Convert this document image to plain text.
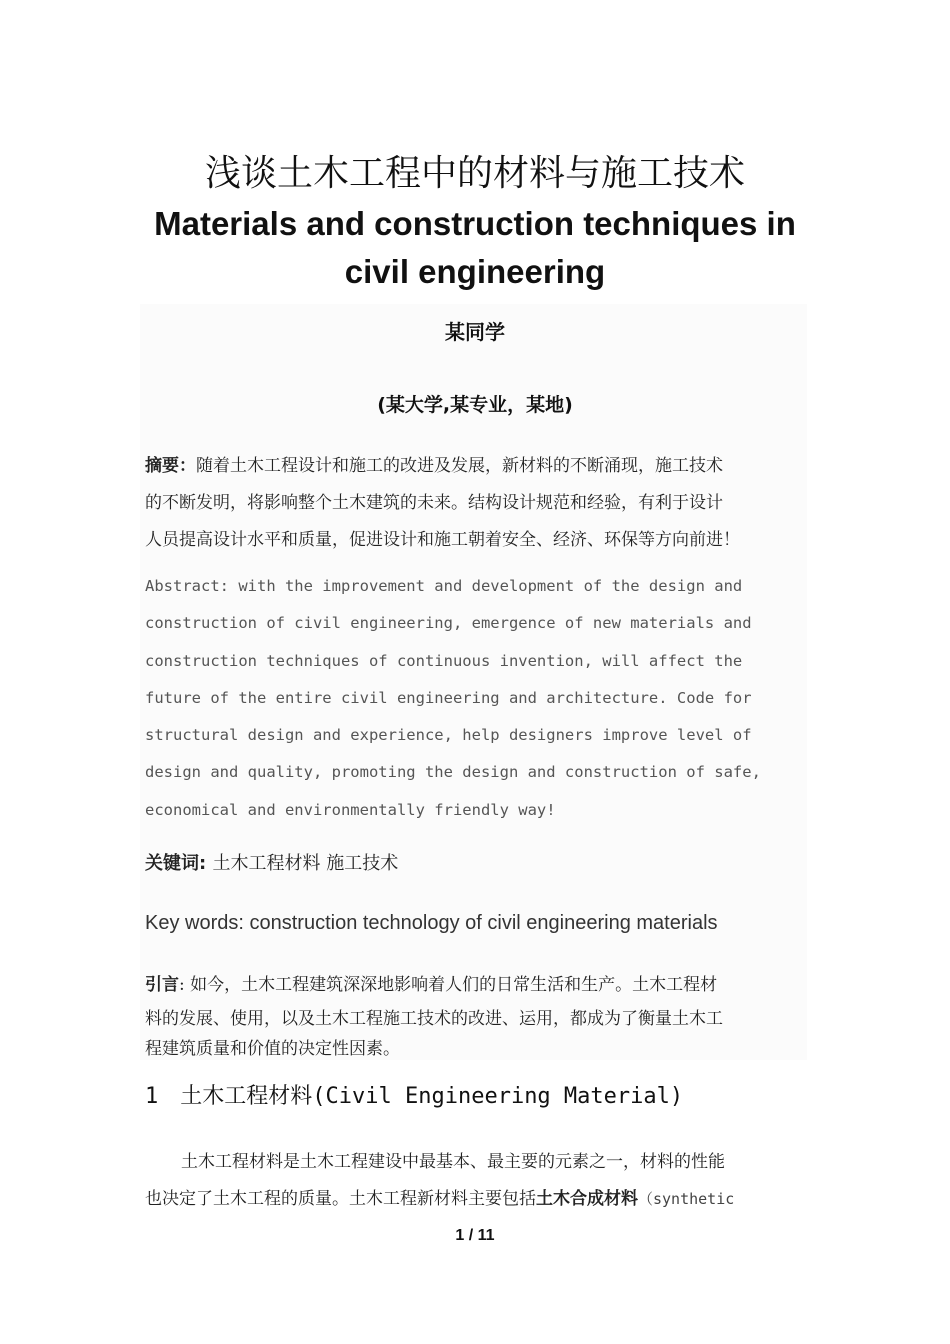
浅谈土木工程中的材料与施工技术
Materials and construction techniques in civil engineering
某同学
(某大学,某专业，某地)
摘要：随着土木工程设计和施工的改进及发展，新材料的不断涌现，施工技术
的不断发明，将影响整个土木建筑的未来。结构设计规范和经验，有利于设计
人员提高设计水平和质量，促进设计和施工朝着安全、经济、环保等方向前进！
Abstract: with the improvement and development of the design and
construction of civil engineering, emergence of new materials and
construction techniques of continuous invention, will affect the
future of the entire civil engineering and architecture. Code for
structural design and experience, help designers improve level of
design and quality, promoting the design and construction of safe,
economical and environmentally friendly way!
关键词: 土木工程材料 施工技术
Key words: construction technology of civil engineering materials
引言: 如今，土木工程建筑深深地影响着人们的日常生活和生产。土木工程材
料的发展、使用，以及土木工程施工技术的改进、运用，都成为了衡量土木工
程建筑质量和价值的决定性因素。
1 土木工程材料(Civil Engineering Material)
土木工程材料是土木工程建设中最基本、最主要的元素之一，材料的性能
也决定了土木工程的质量。土木工程新材料主要包括土木合成材料（synthetic
1 / 11
